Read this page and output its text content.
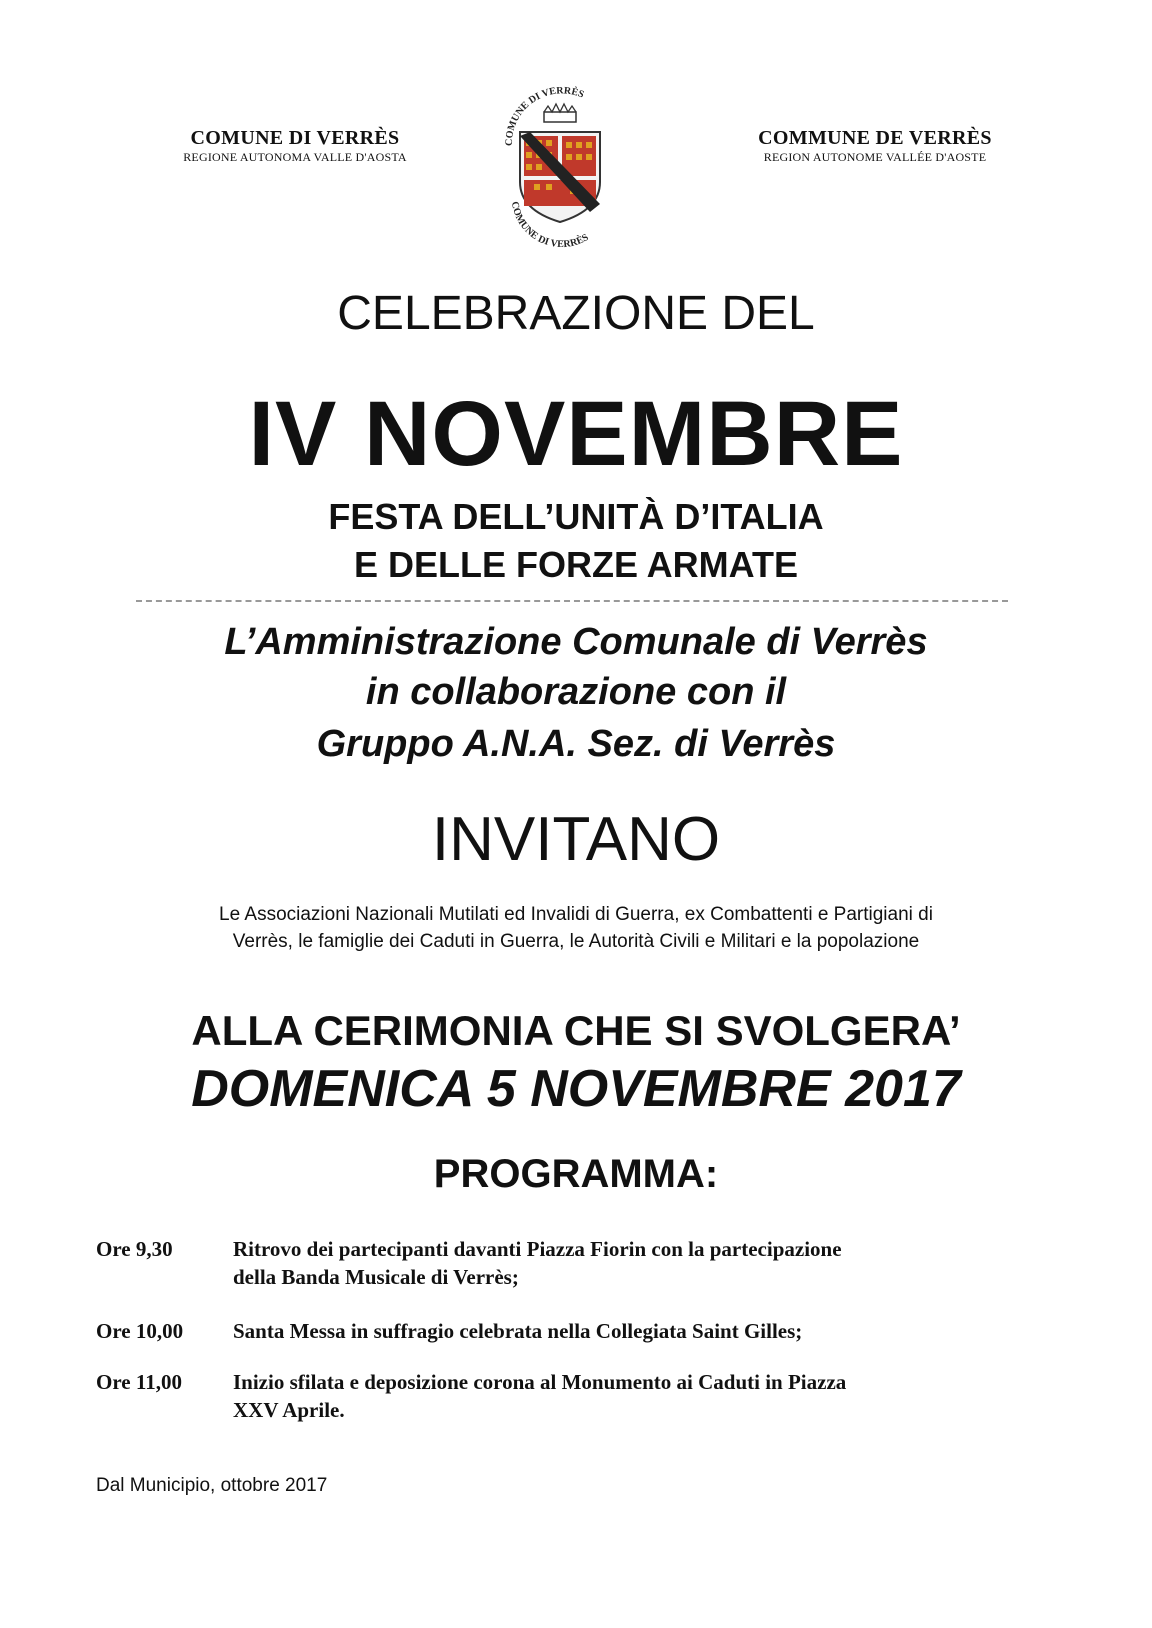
COMUNE DI VERRÈS
REGIONE AUTONOMA VALLE D'AOSTA
COMUNE DI VERRÈS
COMUNE DI VERRÈS
COMMUNE DE VERRÈS
REGION AUTONOME VALLÉE D'AOSTE
CELEBRAZIONE DEL
IV NOVEMBRE
FESTA DELL’UNITÀ D’ITALIA
E DELLE FORZE ARMATE
L’Amministrazione Comunale di Verrès
in collaborazione con il
Gruppo A.N.A. Sez. di Verrès
INVITANO
Le Associazioni Nazionali Mutilati ed Invalidi di Guerra, ex Combattenti e Partigiani di
Verrès, le famiglie dei Caduti in Guerra, le Autorità Civili e Militari e la popolazione
ALLA CERIMONIA CHE SI SVOLGERA’
DOMENICA 5 NOVEMBRE 2017
PROGRAMMA:
Ore 9,30	Ritrovo dei partecipanti davanti Piazza Fiorin con la partecipazione
della Banda Musicale di Verrès;
Ore 10,00	Santa Messa in suffragio celebrata nella Collegiata Saint Gilles;
Ore 11,00	Inizio sfilata e deposizione corona al Monumento ai Caduti in Piazza
XXV Aprile.
Dal Municipio, ottobre 2017
